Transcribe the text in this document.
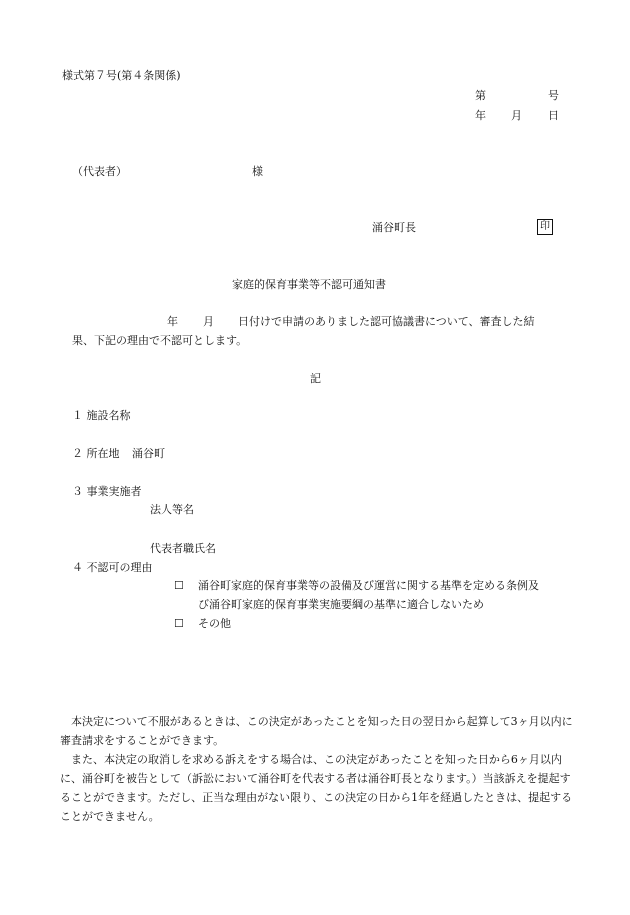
様式第７号(第４条関係)
第	号
年 月 日
（代表者）	様
涌谷町長	印
家庭的保育事業等不認可通知書
年 月 日付けで申請のありました認可協議書について、審査した結
果、下記の理由で不認可とします。
記
１ 施設名称
２ 所在地 涌谷町
３ 事業実施者
法人等名
代表者職氏名
４ 不認可の理由
☐ 涌谷町家庭的保育事業等の設備及び運営に関する基準を定める条例及
び涌谷町家庭的保育事業実施要綱の基準に適合しないため
☐ その他
本決定について不服があるときは、この決定があったことを知った日の翌日から起算して3ヶ月以内に審査請求をすることができます。
また、本決定の取消しを求める訴えをする場合は、この決定があったことを知った日から6ヶ月以内に、涌谷町を被告として（訴訟において涌谷町を代表する者は涌谷町長となります。）当該訴えを提起することができます。ただし、正当な理由がない限り、この決定の日から1年を経過したときは、提起することができません。
